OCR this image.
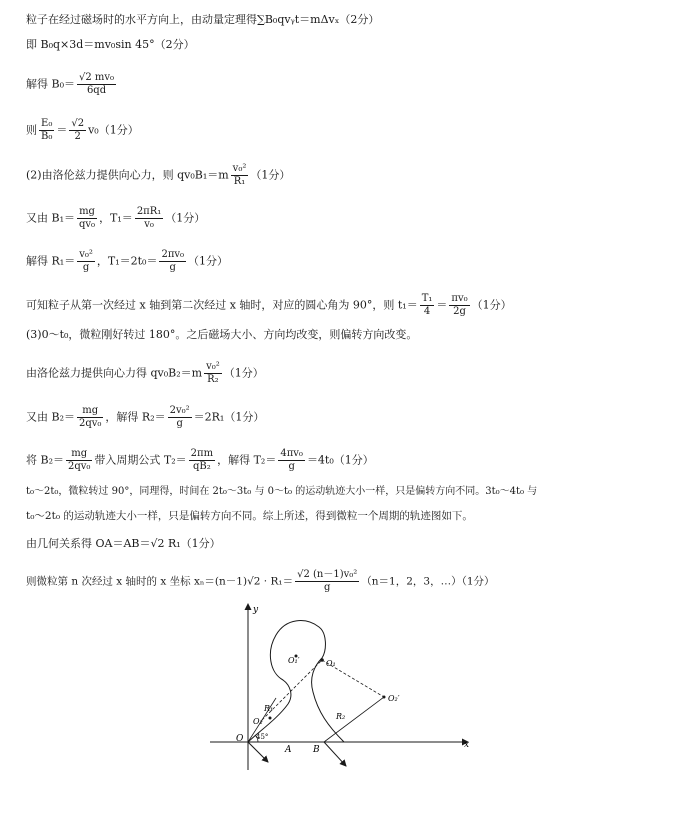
粒子在经过磁场时的水平方向上，由动量定理得∑B₀qvᵧt＝mΔvₓ（2分）
即 B₀q×3d＝mv₀sin 45°（2分）
解得 $B_0= \frac{\text{√2 mv₀}}{6qd}$
则 $\frac{\text{E₀}}{\text{B₀}} = \frac{√2}{2} v_0(1$分）
(2)由洛伦兹力提供向心力，则 $qv_0B_1=m \frac{\text{v₀²}}{\text{R₁}} (1$分）
又由 $B_1= \frac{mg}{\text{qv₀}}$ ，$T_1= \frac{\text{2πR₁}}{\text{v₀}} (1$分）
解得 $R_1= \frac{\text{v₀²}}{g}$ ，$T_1=2t_0= \frac{\text{2πv₀}}{g} (1$分）
可知粒子从第一次经过 x 轴到第二次经过 x 轴时，对应的圆心角为 90°，则 $t_1= \frac{\text{T₁}}{4} = \frac{\text{πv₀}}{2g} (1$分）
(3)0～t₀，微粒刚好转过 180°。之后磁场大小、方向均改变，则偏转方向改变。
由洛伦兹力提供向心力得 $qv_0B_2=m \frac{\text{v₀²}}{\text{R₂}} (1$分）
又由 $B_2= \frac{mg}{\text{2qv₀}}$ ，解得 $R_2= \frac{\text{2v₀²}}{g} =2R_1(1$分）
将 $B_2= \frac{mg}{\text{2qv₀}}$ 带入周期公式 $T_2= \frac{2\pi m}{\text{qB₂}}$ ，解得 $T_2= \frac{\text{4πv₀}}{g} =4t_0(1$分）
t₀～2t₀，微粒转过 90°，同理得，时间在 2t₀～3t₀ 与 0～t₀ 的运动轨迹大小一样，只是偏转方向不同。3t₀～4t₀ 与
t₀～2t₀ 的运动轨迹大小一样，只是偏转方向不同。综上所述，得到微粒一个周期的轨迹图如下。
由几何关系得 OA＝AB＝√2 R₁（1分）
则微粒第 n 次经过 x 轴时的 x 坐标 $x_n=(n-1)√2 \cdot R_1= \frac{\text{√2 (n－1)v₀²}}{g} (n=1$，2，3，…）（1分）
y
x
O
A B
O₁
O₁′
O₂′
O₂
R₁
R₂
45°
